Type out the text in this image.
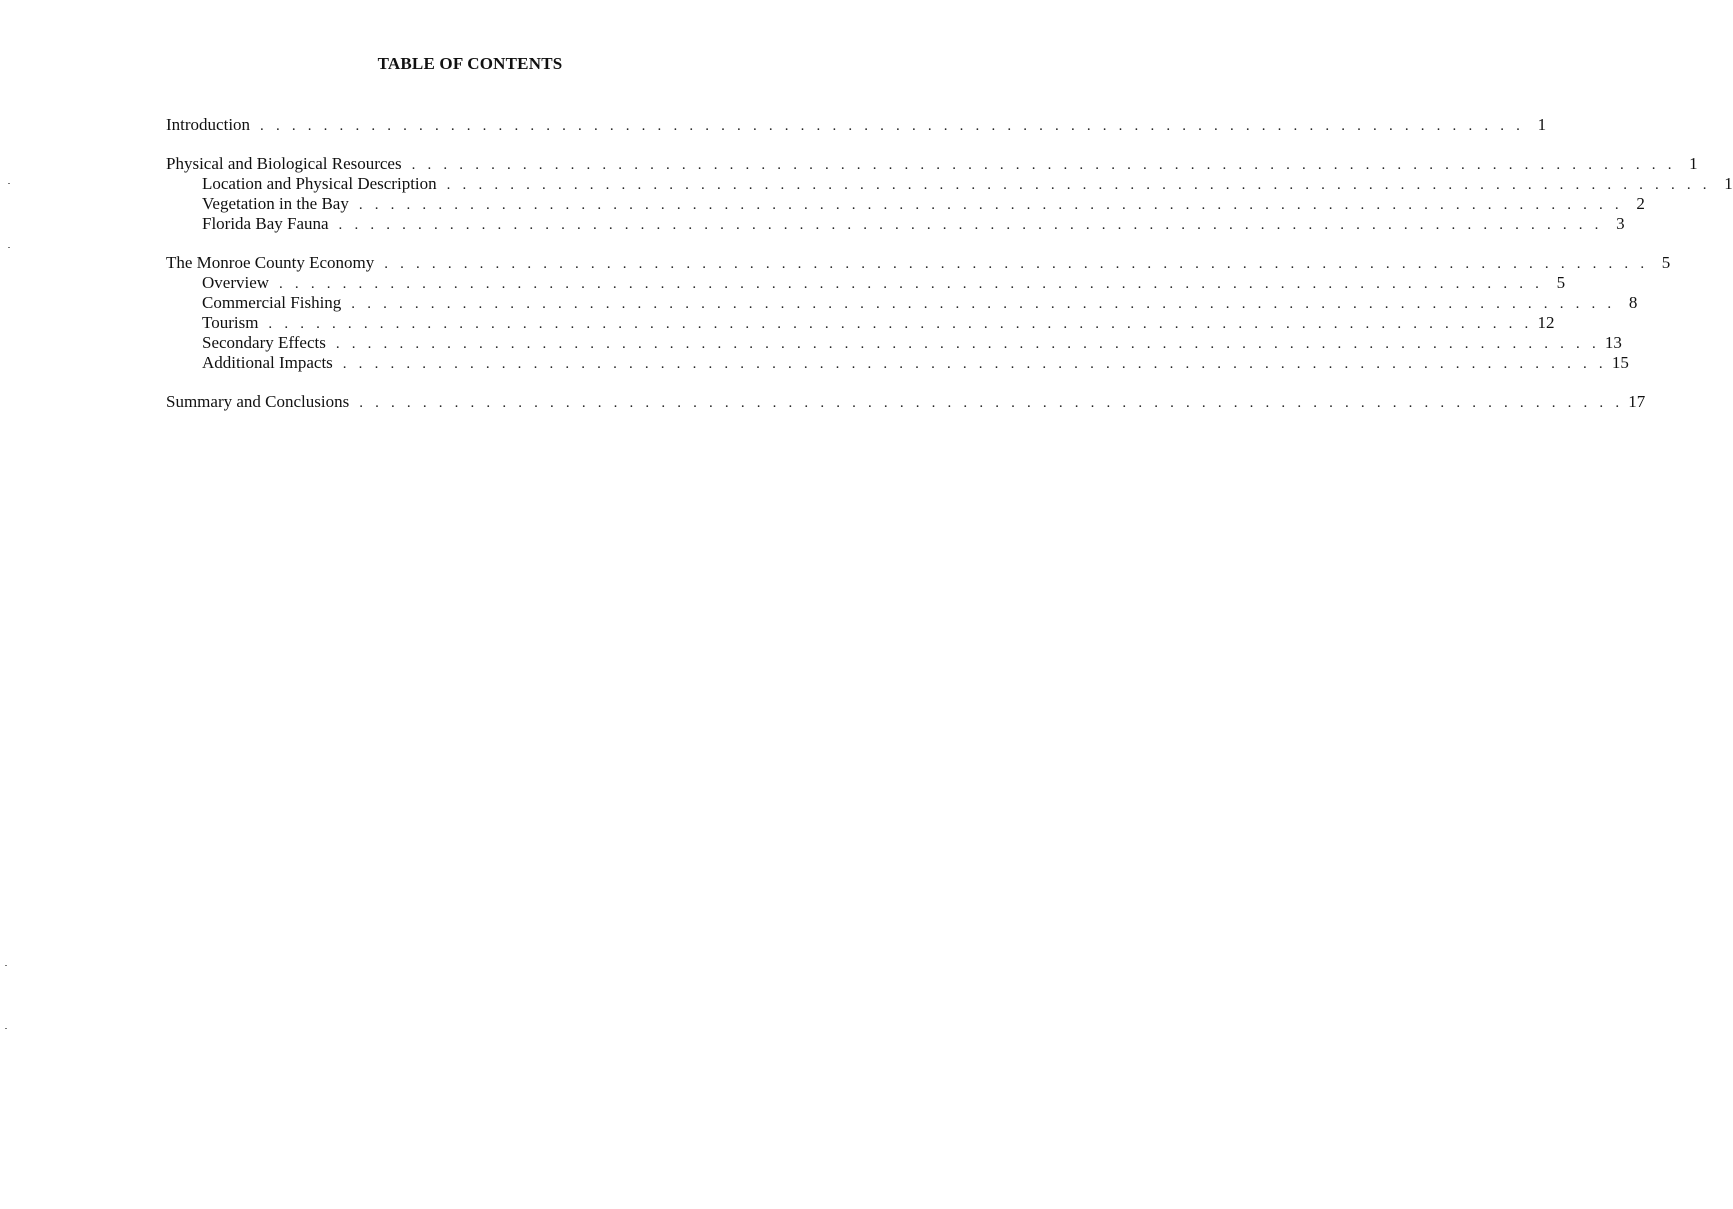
TABLE OF CONTENTS
Introduction . . . . . . . . . . . . . . . . . . . . . . . . . . . . . . . . . . . . . . . . . . . . . . . . . . . . . . . . . . . . . . . . . . . . . . . . . . . . . . . . 1
Physical and Biological Resources . . . . . . . . . . . . . . . . . . . . . . . . . . . . . . . . . . . . . . . . . . . . . . . . . . . . . . . . . . . . . . . . . . . . . . . . . . . . . . . . 1
Location and Physical Description . . . . . . . . . . . . . . . . . . . . . . . . . . . . . . . . . . . . . . . . . . . . . . . . . . . . . . . . . . . . . . . . . . . . . . . . . . . . . . . . 1
Vegetation in the Bay . . . . . . . . . . . . . . . . . . . . . . . . . . . . . . . . . . . . . . . . . . . . . . . . . . . . . . . . . . . . . . . . . . . . . . . . . . . . . . . . 2
Florida Bay Fauna . . . . . . . . . . . . . . . . . . . . . . . . . . . . . . . . . . . . . . . . . . . . . . . . . . . . . . . . . . . . . . . . . . . . . . . . . . . . . . . . 3
The Monroe County Economy . . . . . . . . . . . . . . . . . . . . . . . . . . . . . . . . . . . . . . . . . . . . . . . . . . . . . . . . . . . . . . . . . . . . . . . . . . . . . . . . 5
Overview . . . . . . . . . . . . . . . . . . . . . . . . . . . . . . . . . . . . . . . . . . . . . . . . . . . . . . . . . . . . . . . . . . . . . . . . . . . . . . . . 5
Commercial Fishing . . . . . . . . . . . . . . . . . . . . . . . . . . . . . . . . . . . . . . . . . . . . . . . . . . . . . . . . . . . . . . . . . . . . . . . . . . . . . . . . 8
Tourism . . . . . . . . . . . . . . . . . . . . . . . . . . . . . . . . . . . . . . . . . . . . . . . . . . . . . . . . . . . . . . . . . . . . . . . . . . . . . . . . 12
Secondary Effects . . . . . . . . . . . . . . . . . . . . . . . . . . . . . . . . . . . . . . . . . . . . . . . . . . . . . . . . . . . . . . . . . . . . . . . . . . . . . . . . 13
Additional Impacts . . . . . . . . . . . . . . . . . . . . . . . . . . . . . . . . . . . . . . . . . . . . . . . . . . . . . . . . . . . . . . . . . . . . . . . . . . . . . . . . 15
Summary and Conclusions . . . . . . . . . . . . . . . . . . . . . . . . . . . . . . . . . . . . . . . . . . . . . . . . . . . . . . . . . . . . . . . . . . . . . . . . . . . . . . . . 17
